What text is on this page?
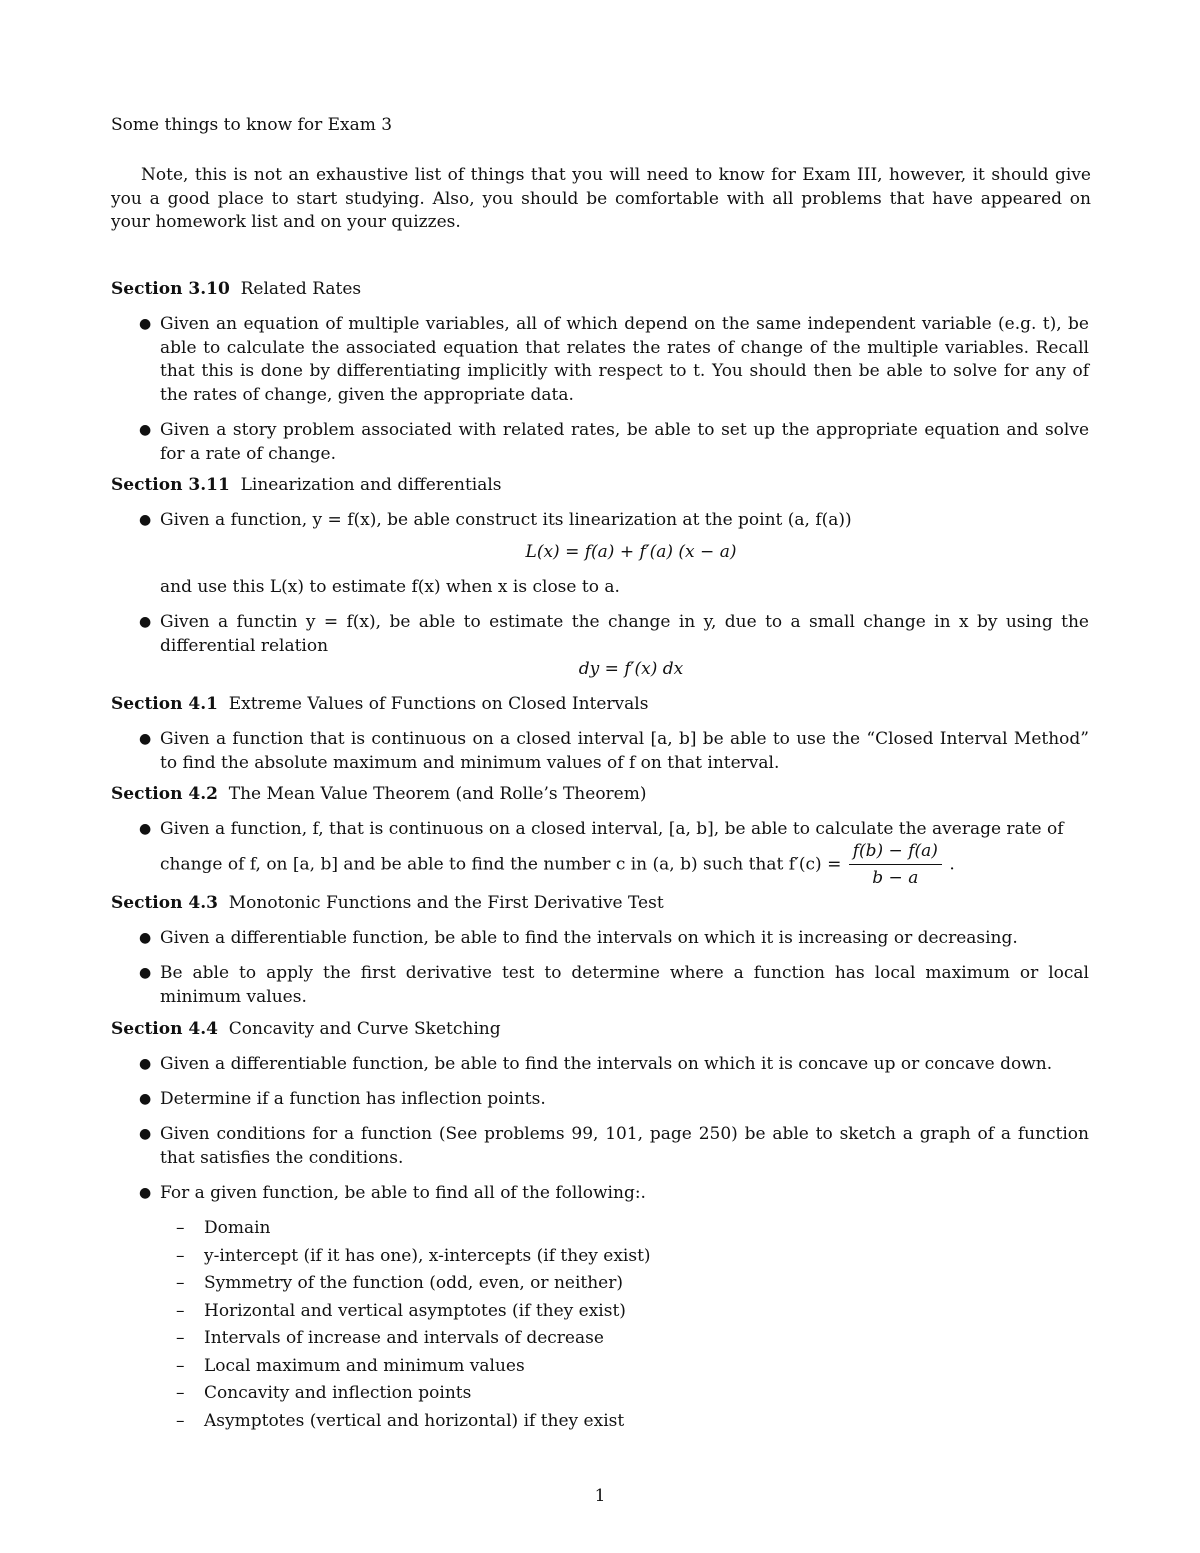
Some things to know for Exam 3
Note, this is not an exhaustive list of things that you will need to know for Exam III, however, it should give you a good place to start studying. Also, you should be comfortable with all problems that have appeared on your homework list and on your quizzes.
Section 3.10 Related Rates
● Given an equation of multiple variables, all of which depend on the same independent variable (e.g. t), be able to calculate the associated equation that relates the rates of change of the multiple variables. Recall that this is done by differentiating implicitly with respect to t. You should then be able to solve for any of the rates of change, given the appropriate data.
● Given a story problem associated with related rates, be able to set up the appropriate equation and solve for a rate of change.
Section 3.11 Linearization and differentials
● Given a function, y = f(x), be able construct its linearization at the point (a, f(a))
L(x) = f(a) + f′(a) (x − a)
and use this L(x) to estimate f(x) when x is close to a.
● Given a functin y = f(x), be able to estimate the change in y, due to a small change in x by using the differential relation
dy = f′(x) dx
Section 4.1 Extreme Values of Functions on Closed Intervals
● Given a function that is continuous on a closed interval [a, b] be able to use the “Closed Interval Method” to find the absolute maximum and minimum values of f on that interval.
Section 4.2 The Mean Value Theorem (and Rolle’s Theorem)
● Given a function, f, that is continuous on a closed interval, [a, b], be able to calculate the average rate of
change of f, on [a, b] and be able to find the number c in (a, b) such that $f'(c) = \frac{f(b) - f(a)}{b - a}$ .
Section 4.3 Monotonic Functions and the First Derivative Test
● Given a differentiable function, be able to find the intervals on which it is increasing or decreasing.
● Be able to apply the first derivative test to determine where a function has local maximum or local minimum values.
Section 4.4 Concavity and Curve Sketching
● Given a differentiable function, be able to find the intervals on which it is concave up or concave down.
● Determine if a function has inflection points.
● Given conditions for a function (See problems 99, 101, page 250) be able to sketch a graph of a function that satisfies the conditions.
● For a given function, be able to find all of the following:.
– Domain
– y-intercept (if it has one), x-intercepts (if they exist)
– Symmetry of the function (odd, even, or neither)
– Horizontal and vertical asymptotes (if they exist)
– Intervals of increase and intervals of decrease
– Local maximum and minimum values
– Concavity and inflection points
– Asymptotes (vertical and horizontal) if they exist
1
